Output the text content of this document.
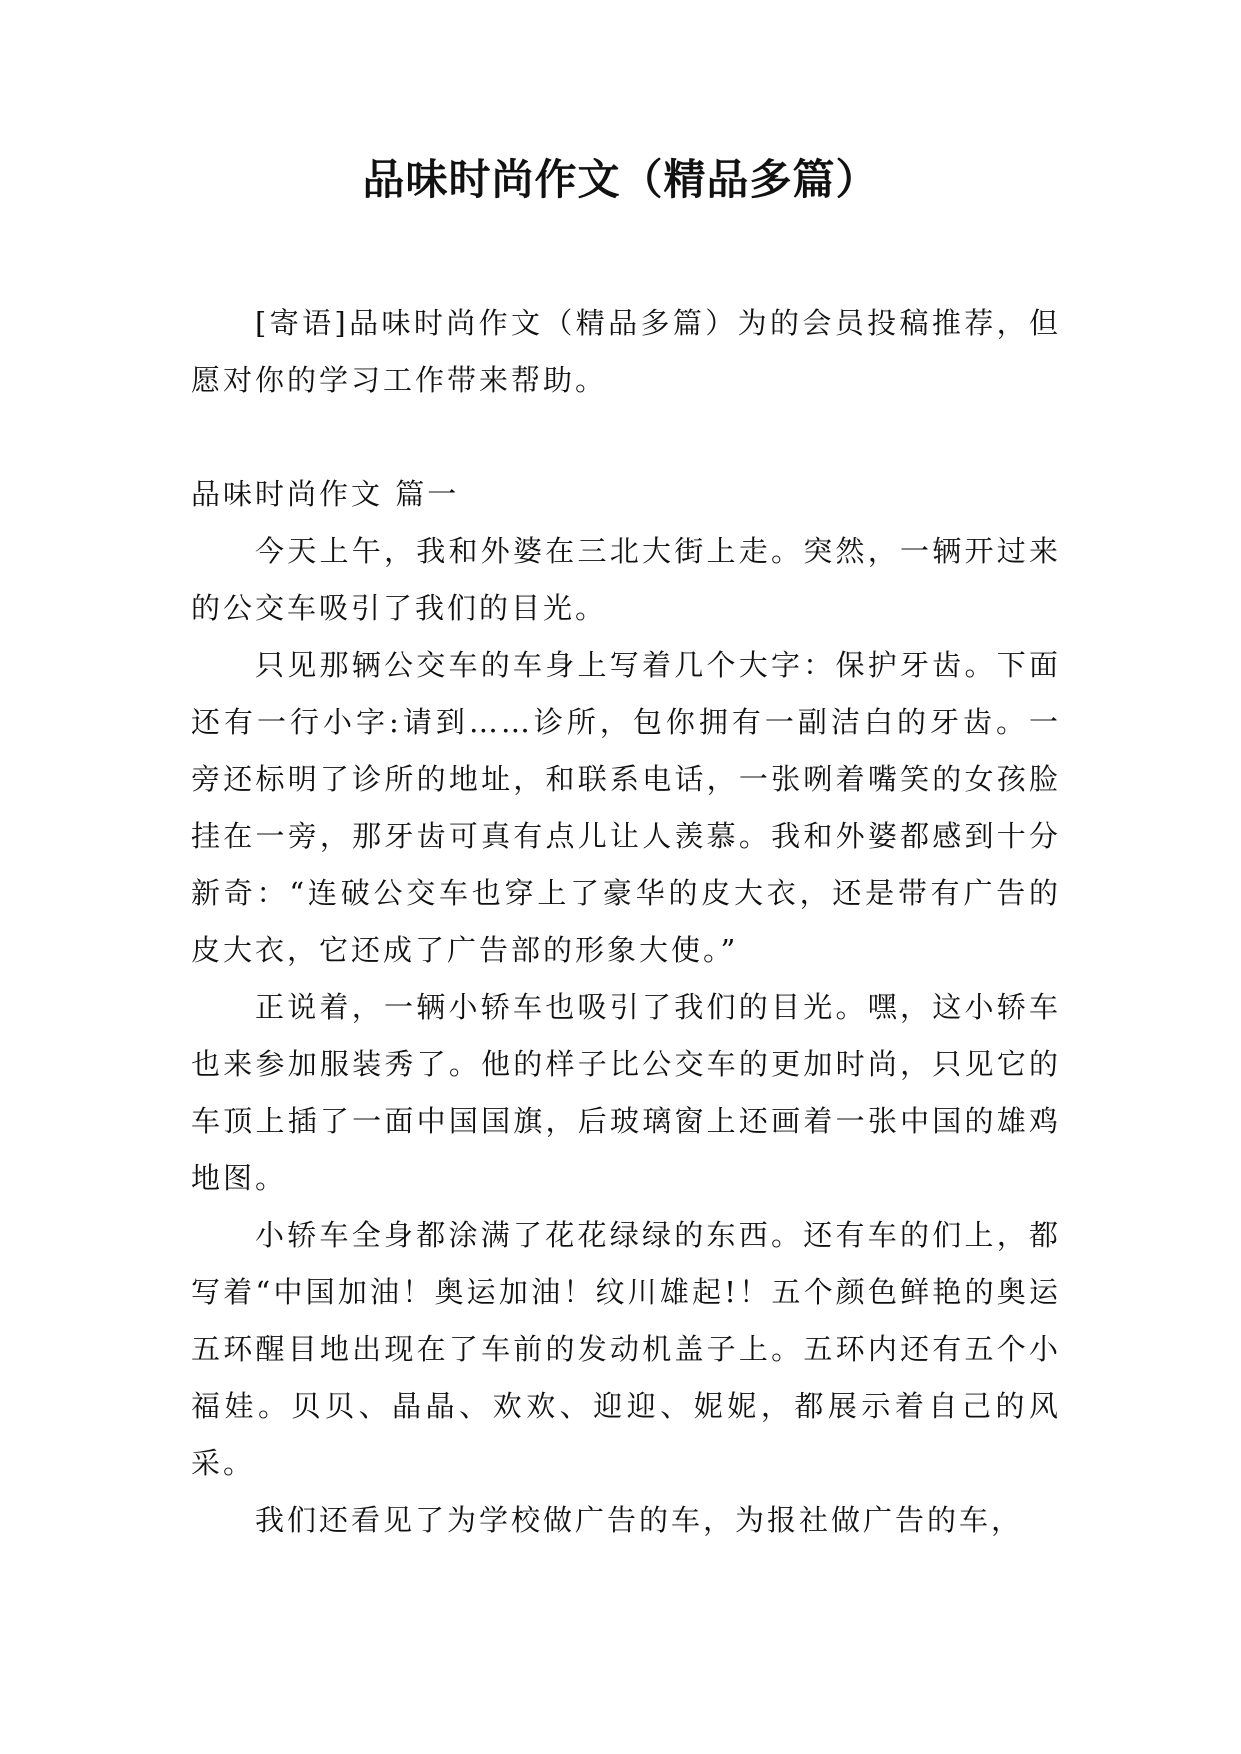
品味时尚作文（精品多篇）

[寄语]品味时尚作文（精品多篇）为的会员投稿推荐，但愿对你的学习工作带来帮助。

品味时尚作文 篇一

今天上午，我和外婆在三北大街上走。突然，一辆开过来的公交车吸引了我们的目光。

只见那辆公交车的车身上写着几个大字：保护牙齿。下面还有一行小字:请到……诊所，包你拥有一副洁白的牙齿。一旁还标明了诊所的地址，和联系电话，一张咧着嘴笑的女孩脸挂在一旁，那牙齿可真有点儿让人羡慕。我和外婆都感到十分新奇：“连破公交车也穿上了豪华的皮大衣，还是带有广告的皮大衣，它还成了广告部的形象大使。”

正说着，一辆小轿车也吸引了我们的目光。嘿，这小轿车也来参加服装秀了。他的样子比公交车的更加时尚，只见它的车顶上插了一面中国国旗，后玻璃窗上还画着一张中国的雄鸡地图。

小轿车全身都涂满了花花绿绿的东西。还有车的们上，都写着“中国加油！奥运加油！纹川雄起!！五个颜色鲜艳的奥运五环醒目地出现在了车前的发动机盖子上。五环内还有五个小福娃。贝贝、晶晶、欢欢、迎迎、妮妮，都展示着自己的风采。

我们还看见了为学校做广告的车，为报社做广告的车，
